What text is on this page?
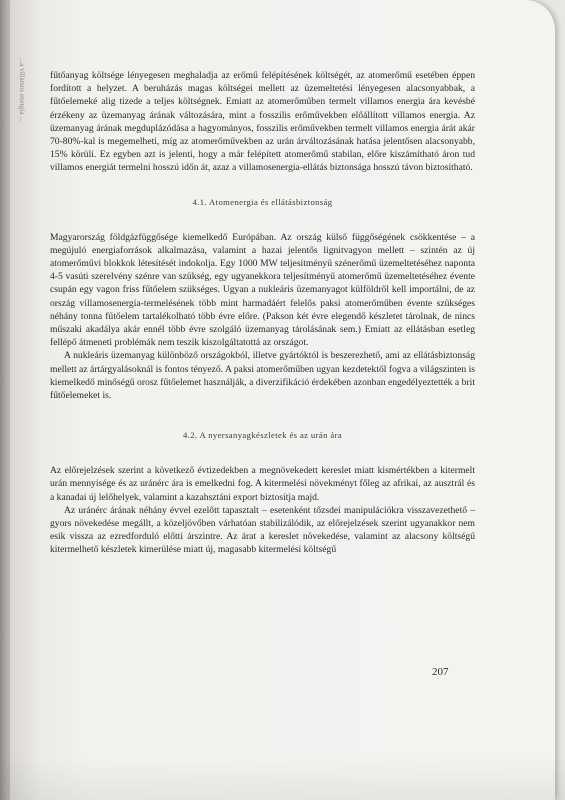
...a villamos energia ...	fűtőanyag költsége lényegesen meghaladja az erőmű felépítésének költségét, az atomerőmű esetében éppen fordított a helyzet. A beruházás magas költségei mellett az üzemeltetési lényegesen alacsonyabbak, a fűtőelemeké alig tizede a teljes költségnek. Emiatt az atomerőműben termelt villamos energia ára kevésbé érzékeny az üzemanyag árának változására, mint a fosszilis erőművekben előállított villamos energia. Az üzemanyag árának megduplázódása a hagyományos, fosszilis erőművekben termelt villamos energia árát akár 70-80%-kal is megemelheti, míg az atomerőművekben az urán árváltozásának hatása jelentősen alacsonyabb, 15% körüli. Ez egyben azt is jelenti, hogy a már felépített atomerőmű stabilan, előre kiszámítható áron tud villamos energiát termelni hosszú időn át, azaz a villamosenergia-ellátás biztonsága hosszú távon biztosítható.

4.1. Atomenergia és ellátásbiztonság

Magyarország földgázfüggősége kiemelkedő Európában. Az ország külső függőségének csökkentése – a megújuló energiaforrások alkalmazása, valamint a hazai jelentős lignitvagyon mellett – szintén az új atomerőművi blokkok létesítését indokolja. Egy 1000 MW teljesítményű szénerőmű üzemeltetéséhez naponta 4-5 vasúti szerelvény szénre van szükség, egy ugyanekkora teljesítményű atomerőmű üzemeltetéséhez évente csupán egy vagon friss fűtőelem szükséges. Ugyan a nukleáris üzemanyagot külföldről kell importálni, de az ország villamosenergia-termelésének több mint harmadáért felelős paksi atomerőműben évente szükséges néhány tonna fűtőelem tartalékolható több évre előre. (Pakson két évre elegendő készletet tárolnak, de nincs műszaki akadálya akár ennél több évre szolgáló üzemanyag tárolásának sem.) Emiatt az ellátásban esetleg fellépő átmeneti problémák nem teszik kiszolgáltatottá az országot.

A nukleáris üzemanyag különböző országokból, illetve gyártóktól is beszerezhető, ami az ellátásbiztonság mellett az ártárgyalásoknál is fontos tényező. A paksi atomerőműben ugyan kezdetektől fogva a világszinten is kiemelkedő minőségű orosz fűtőelemet használják, a diverzifikáció érdekében azonban engedélyeztették a brit fűtőelemeket is.

4.2. A nyersanyagkészletek és az urán ára

Az előrejelzések szerint a következő évtizedekben a megnövekedett kereslet miatt kismértékben a kitermelt urán mennyisége és az uránérc ára is emelkedni fog. A kitermelési növekményt főleg az afrikai, az ausztrál és a kanadai új lelőhelyek, valamint a kazahsztáni export biztosítja majd.

Az uránérc árának néhány évvel ezelőtt tapasztalt – esetenként tőzsdei manipulációkra visszavezethető – gyors növekedése megállt, a közeljövőben várhatóan stabilizálódik, az előrejelzések szerint ugyanakkor nem esik vissza az ezredforduló előtti árszintre. Az árat a kereslet növekedése, valamint az alacsony költségű kitermelhető készletek kimerülése miatt új, magasabb kitermelési költségű

207
